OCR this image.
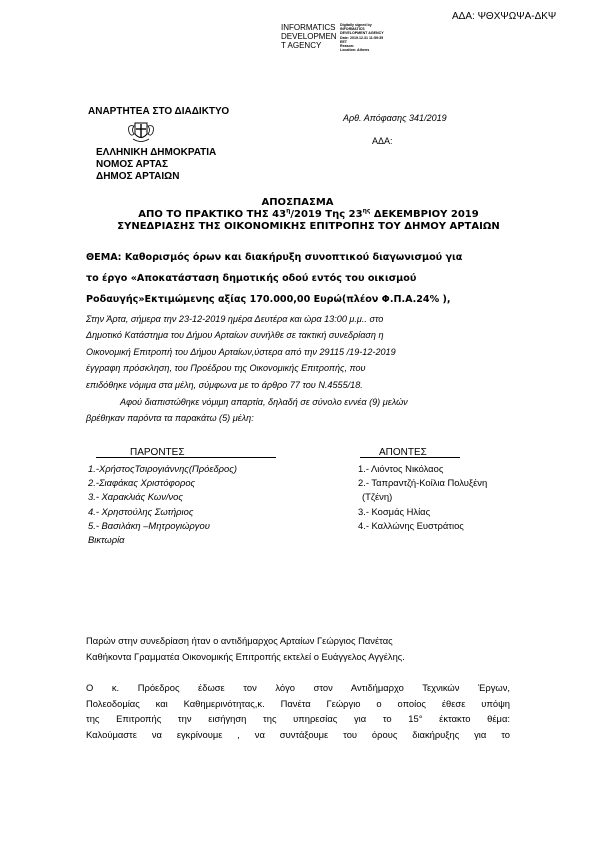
ΑΔΑ: ΨΘΧΨΩΨΑ-ΔΚΨ
INFORMATICS
DEVELOPMEN
T AGENCY
Digitally signed by
INFORMATICS
DEVELOPMENT AGENCY
Date: 2019.12.31 11:59:35
EET
Reason:
Location: Athens
ΑΝΑΡΤΗΤΕΑ ΣΤΟ ΔΙΑΔΙΚΤΥΟ
Αρθ. Απόφασης 341/2019
ΑΔΑ:
ΕΛΛΗΝΙΚΗ ΔΗΜΟΚΡΑΤΙΑ
ΝΟΜΟΣ ΑΡΤΑΣ
ΔΗΜΟΣ ΑΡΤΑΙΩΝ
ΑΠΟΣΠΑΣΜΑ
ΑΠΟ ΤΟ ΠΡΑΚΤΙΚΟ ΤΗΣ $43^\eta/2019$ Της $23^{\eta\varsigma}$ ΔΕΚΕΜΒΡΙΟΥ 2019
ΣΥΝΕΔΡΙΑΣΗΣ ΤΗΣ ΟΙΚΟΝΟΜΙΚΗΣ ΕΠΙΤΡΟΠΗΣ ΤΟΥ ΔΗΜΟΥ ΑΡΤΑΙΩΝ
ΘΕΜΑ: Καθορισμός όρων και διακήρυξη συνοπτικού διαγωνισμού για
το έργο «Αποκατάσταση δημοτικής οδού εντός του οικισμού
Ροδαυγής»Εκτιμώμενης αξίας 170.000,00 Ευρώ(πλέον Φ.Π.Α.24% ),
Στην Άρτα, σήμερα την 23-12-2019 ημέρα Δευτέρα και ώρα 13:00 μ.μ.. στο
Δημοτικό Κατάστημα του Δήμου Αρταίων συνήλθε σε τακτική συνεδρίαση η
Οικονομική Επιτροπή του Δήμου Αρταίων,ύστερα από την 29115 /19-12-2019
έγγραφη πρόσκληση, του Προέδρου της Οικονομικής Επιτροπής, που
επιδόθηκε νόμιμα στα μέλη, σύμφωνα με το άρθρο 77 του Ν.4555/18.
Αφού διαπιστώθηκε νόμιμη απαρτία, δηλαδή σε σύνολο εννέα (9) μελών
βρέθηκαν παρόντα τα παρακάτω (5) μέλη:
ΠΑΡΟΝΤΕΣ
1.-ΧρήστοςΤσιρογιάννης(Πρόεδρος)
2.-Σιαφάκας Χριστόφορος
3.- Χαρακλιάς Κων/νος
4.- Χρηστούλης Σωτήριος
5.- Βασιλάκη –Μητρογιώργου
Βικτωρία
ΑΠΟΝΤΕΣ
1.- Λιόντος Νικόλαος
2.- Ταπραντζή-Κοίλια Πολυξένη
(Τζένη)
3.- Κοσμάς Ηλίας
4.- Καλλώνης Ευστράτιος
Παρών στην συνεδρίαση ήταν ο αντιδήμαρχος Αρταίων Γεώργιος Πανέτας
Καθήκοντα Γραμματέα Οικονομικής Επιτροπής εκτελεί ο Ευάγγελος Αγγέλης.
Ο κ. Πρόεδρος έδωσε τον λόγο στον Αντιδήμαρχο Τεχνικών Έργων,
Πολεοδομίας και Καθημερινότητας,κ. Πανέτα Γεώργιο ο οποίος έθεσε υπόψη
της Επιτροπής την εισήγηση της υπηρεσίας για το 15° έκτακτο θέμα:
Καλούμαστε να εγκρίνουμε , να συντάξουμε του όρους διακήρυξης για το
